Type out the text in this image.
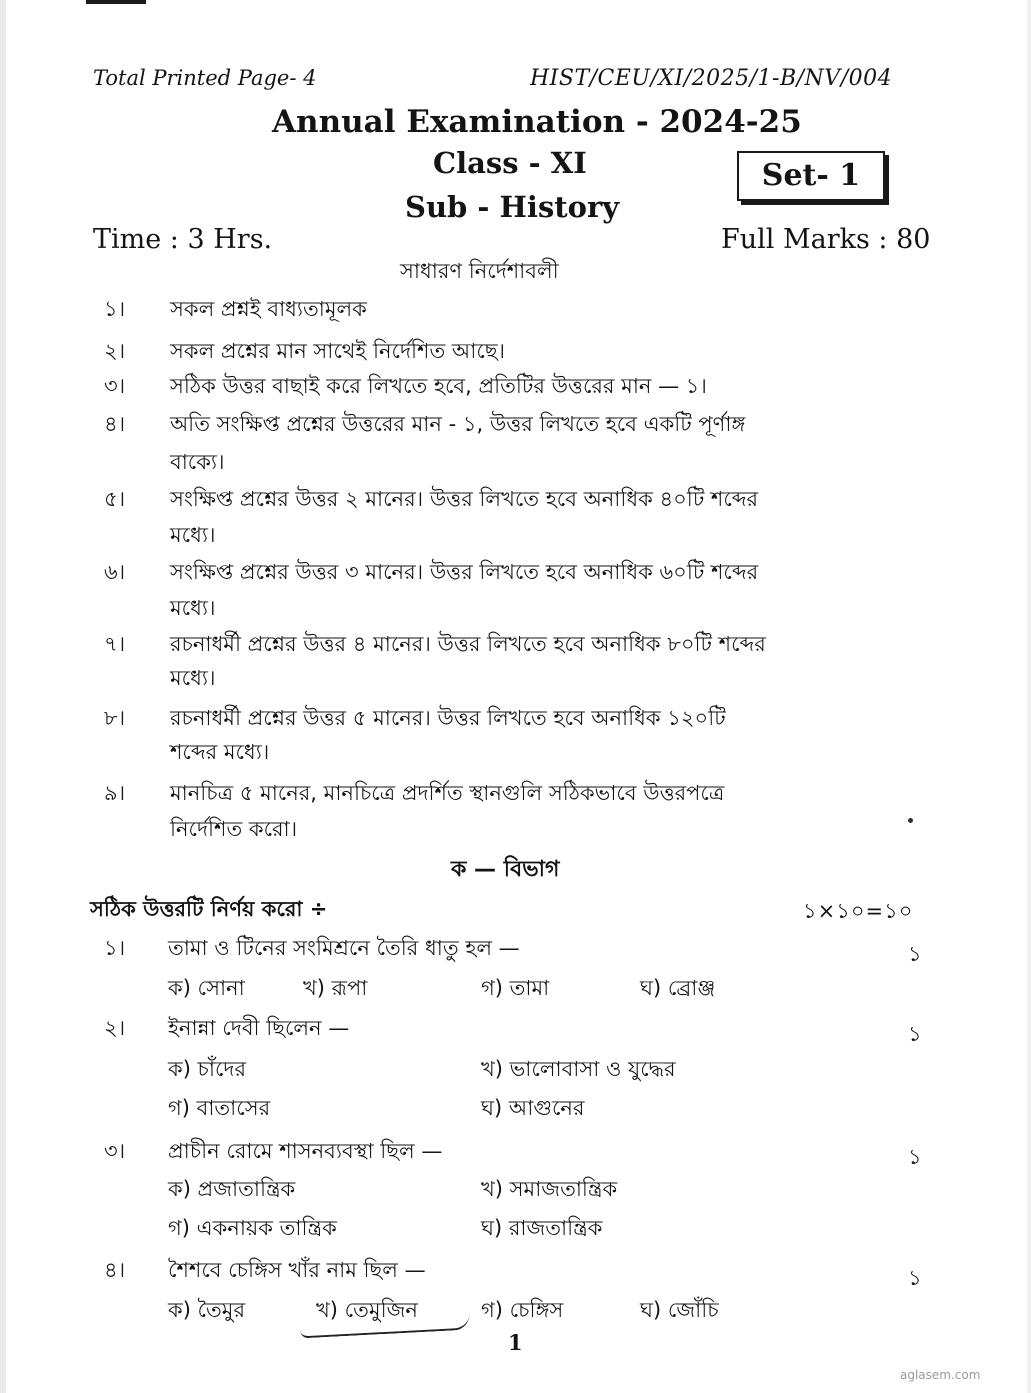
Total Printed Page- 4	HIST/CEU/XI/2025/1-B/NV/004
Annual Examination - 2024-25
Class - XI
Sub - History
Set- 1
Time : 3 Hrs.	Full Marks : 80
সাধারণ নির্দেশাবলী
১। সকল প্রশ্নই বাধ্যতামূলক
২। সকল প্রশ্নের মান সাথেই নির্দেশিত আছে।
৩। সঠিক উত্তর বাছাই করে লিখতে হবে, প্রতিটির উত্তরের মান — ১।
৪। অতি সংক্ষিপ্ত প্রশ্নের উত্তরের মান - ১, উত্তর লিখতে হবে একটি পূর্ণাঙ্গ
বাক্যে।
৫। সংক্ষিপ্ত প্রশ্নের উত্তর ২ মানের। উত্তর লিখতে হবে অনাধিক ৪০টি শব্দের
মধ্যে।
৬। সংক্ষিপ্ত প্রশ্নের উত্তর ৩ মানের। উত্তর লিখতে হবে অনাধিক ৬০টি শব্দের
মধ্যে।
৭। রচনাধর্মী প্রশ্নের উত্তর ৪ মানের। উত্তর লিখতে হবে অনাধিক ৮০টি শব্দের
মধ্যে।
৮। রচনাধর্মী প্রশ্নের উত্তর ৫ মানের। উত্তর লিখতে হবে অনাধিক ১২০টি
শব্দের মধ্যে।
৯। মানচিত্র ৫ মানের, মানচিত্রে প্রদর্শিত স্থানগুলি সঠিকভাবে উত্তরপত্রে
নির্দেশিত করো।
ক — বিভাগ
সঠিক উত্তরটি নির্ণয় করো ÷	১×১০=১০
১। তামা ও টিনের সংমিশ্রনে তৈরি ধাতু হল —	১
ক) সোনা	খ) রূপা	গ) তামা	ঘ) ব্রোঞ্জ
২। ইনান্না দেবী ছিলেন —	১
ক) চাঁদের	খ) ভালোবাসা ও যুদ্ধের
গ) বাতাসের	ঘ) আগুনের
৩। প্রাচীন রোমে শাসনব্যবস্থা ছিল —	১
ক) প্রজাতান্ত্রিক	খ) সমাজতান্ত্রিক
গ) একনায়ক তান্ত্রিক	ঘ) রাজতান্ত্রিক
৪। শৈশবে চেঙ্গিস খাঁর নাম ছিল —	১
ক) তৈমুর	খ) তেমুজিন	গ) চেঙ্গিস	ঘ) জোঁচি
1
aglasem.com
